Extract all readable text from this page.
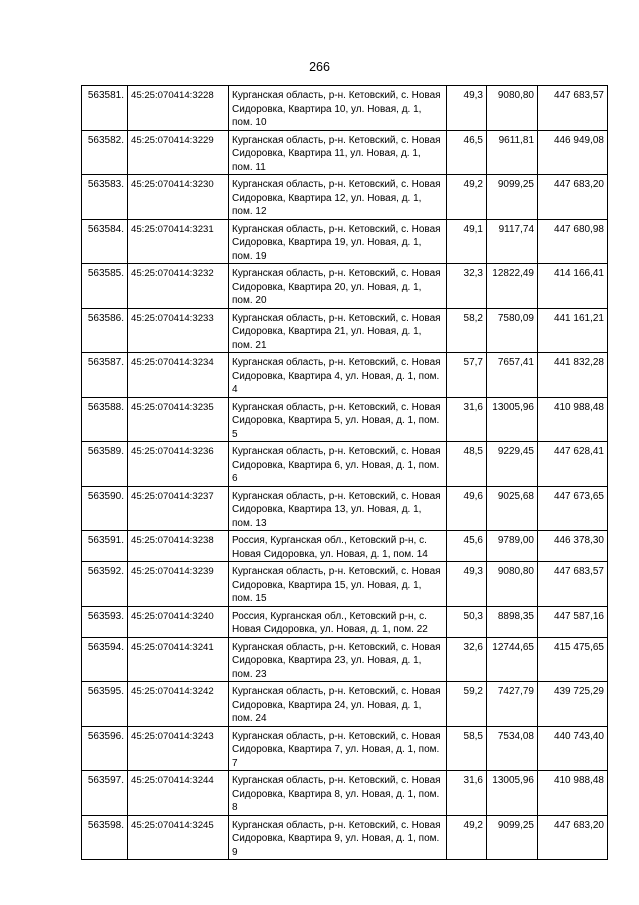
266
563581.	45:25:070414:3228	Курганская область, р-н. Кетовский, с. Новая Сидоровка, Квартира 10, ул. Новая, д. 1, пом. 10	49,3	9080,80	447 683,57
563582.	45:25:070414:3229	Курганская область, р-н. Кетовский, с. Новая Сидоровка, Квартира 11, ул. Новая, д. 1, пом. 11	46,5	9611,81	446 949,08
563583.	45:25:070414:3230	Курганская область, р-н. Кетовский, с. Новая Сидоровка, Квартира 12, ул. Новая, д. 1, пом. 12	49,2	9099,25	447 683,20
563584.	45:25:070414:3231	Курганская область, р-н. Кетовский, с. Новая Сидоровка, Квартира 19, ул. Новая, д. 1, пом. 19	49,1	9117,74	447 680,98
563585.	45:25:070414:3232	Курганская область, р-н. Кетовский, с. Новая Сидоровка, Квартира 20, ул. Новая, д. 1, пом. 20	32,3	12822,49	414 166,41
563586.	45:25:070414:3233	Курганская область, р-н. Кетовский, с. Новая Сидоровка, Квартира 21, ул. Новая, д. 1, пом. 21	58,2	7580,09	441 161,21
563587.	45:25:070414:3234	Курганская область, р-н. Кетовский, с. Новая Сидоровка, Квартира 4, ул. Новая, д. 1, пом. 4	57,7	7657,41	441 832,28
563588.	45:25:070414:3235	Курганская область, р-н. Кетовский, с. Новая Сидоровка, Квартира 5, ул. Новая, д. 1, пом. 5	31,6	13005,96	410 988,48
563589.	45:25:070414:3236	Курганская область, р-н. Кетовский, с. Новая Сидоровка, Квартира 6, ул. Новая, д. 1, пом. 6	48,5	9229,45	447 628,41
563590.	45:25:070414:3237	Курганская область, р-н. Кетовский, с. Новая Сидоровка, Квартира 13, ул. Новая, д. 1, пом. 13	49,6	9025,68	447 673,65
563591.	45:25:070414:3238	Россия, Курганская обл., Кетовский р-н, с. Новая Сидоровка, ул. Новая, д. 1, пом. 14	45,6	9789,00	446 378,30
563592.	45:25:070414:3239	Курганская область, р-н. Кетовский, с. Новая Сидоровка, Квартира 15, ул. Новая, д. 1, пом. 15	49,3	9080,80	447 683,57
563593.	45:25:070414:3240	Россия, Курганская обл., Кетовский р-н, с. Новая Сидоровка, ул. Новая, д. 1, пом. 22	50,3	8898,35	447 587,16
563594.	45:25:070414:3241	Курганская область, р-н. Кетовский, с. Новая Сидоровка, Квартира 23, ул. Новая, д. 1, пом. 23	32,6	12744,65	415 475,65
563595.	45:25:070414:3242	Курганская область, р-н. Кетовский, с. Новая Сидоровка, Квартира 24, ул. Новая, д. 1, пом. 24	59,2	7427,79	439 725,29
563596.	45:25:070414:3243	Курганская область, р-н. Кетовский, с. Новая Сидоровка, Квартира 7, ул. Новая, д. 1, пом. 7	58,5	7534,08	440 743,40
563597.	45:25:070414:3244	Курганская область, р-н. Кетовский, с. Новая Сидоровка, Квартира 8, ул. Новая, д. 1, пом. 8	31,6	13005,96	410 988,48
563598.	45:25:070414:3245	Курганская область, р-н. Кетовский, с. Новая Сидоровка, Квартира 9, ул. Новая, д. 1, пом. 9	49,2	9099,25	447 683,20
